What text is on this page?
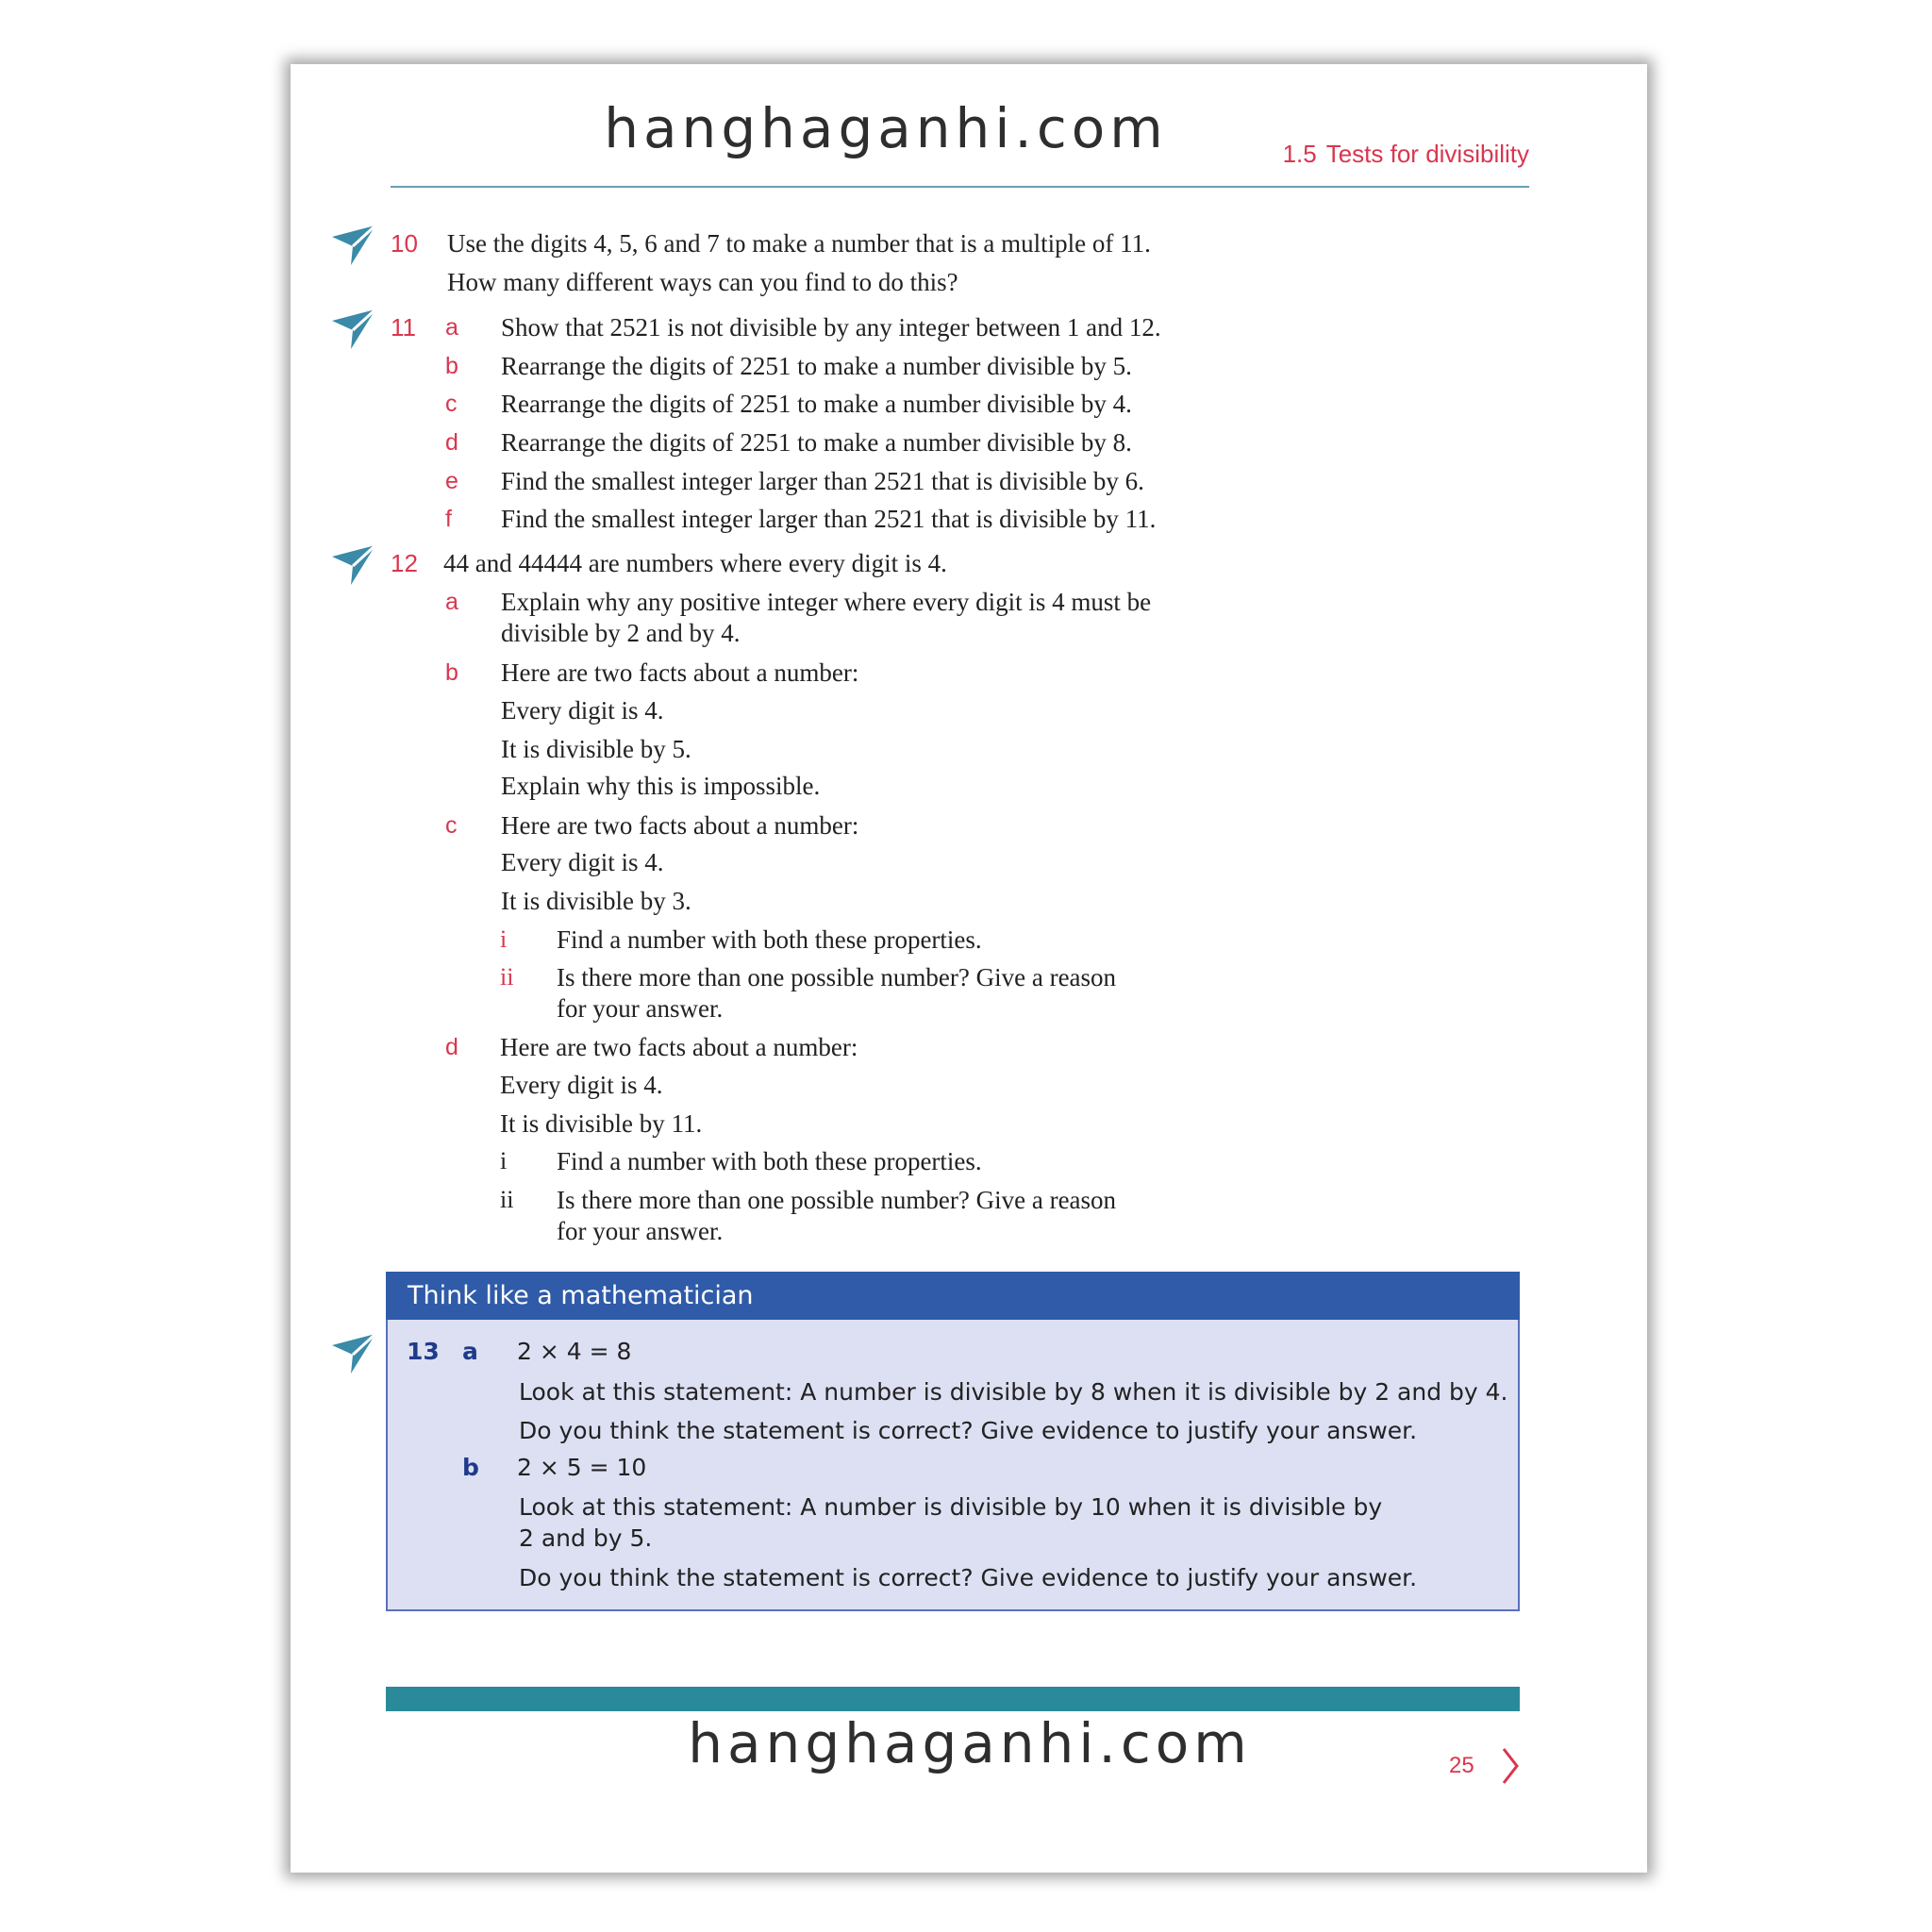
hanghaganhi.com	1.5 Tests for divisibility
10 Use the digits 4, 5, 6 and 7 to make a number that is a multiple of 11.
How many different ways can you find to do this?
11 a Show that 2521 is not divisible by any integer between 1 and 12.
b Rearrange the digits of 2251 to make a number divisible by 5.
c Rearrange the digits of 2251 to make a number divisible by 4.
d Rearrange the digits of 2251 to make a number divisible by 8.
e Find the smallest integer larger than 2521 that is divisible by 6.
f Find the smallest integer larger than 2521 that is divisible by 11.
12 44 and 44444 are numbers where every digit is 4.
a Explain why any positive integer where every digit is 4 must be
divisible by 2 and by 4.
b Here are two facts about a number:
Every digit is 4.
It is divisible by 5.
Explain why this is impossible.
c Here are two facts about a number:
Every digit is 4.
It is divisible by 3.
i Find a number with both these properties.
ii Is there more than one possible number? Give a reason
for your answer.
d Here are two facts about a number:
Every digit is 4.
It is divisible by 11.
i Find a number with both these properties.
ii Is there more than one possible number? Give a reason
for your answer.
Think like a mathematician
13 a 2 × 4 = 8
Look at this statement: A number is divisible by 8 when it is divisible by 2 and by 4.
Do you think the statement is correct? Give evidence to justify your answer.
b 2 × 5 = 10
Look at this statement: A number is divisible by 10 when it is divisible by
2 and by 5.
Do you think the statement is correct? Give evidence to justify your answer.
hanghaganhi.com	25
